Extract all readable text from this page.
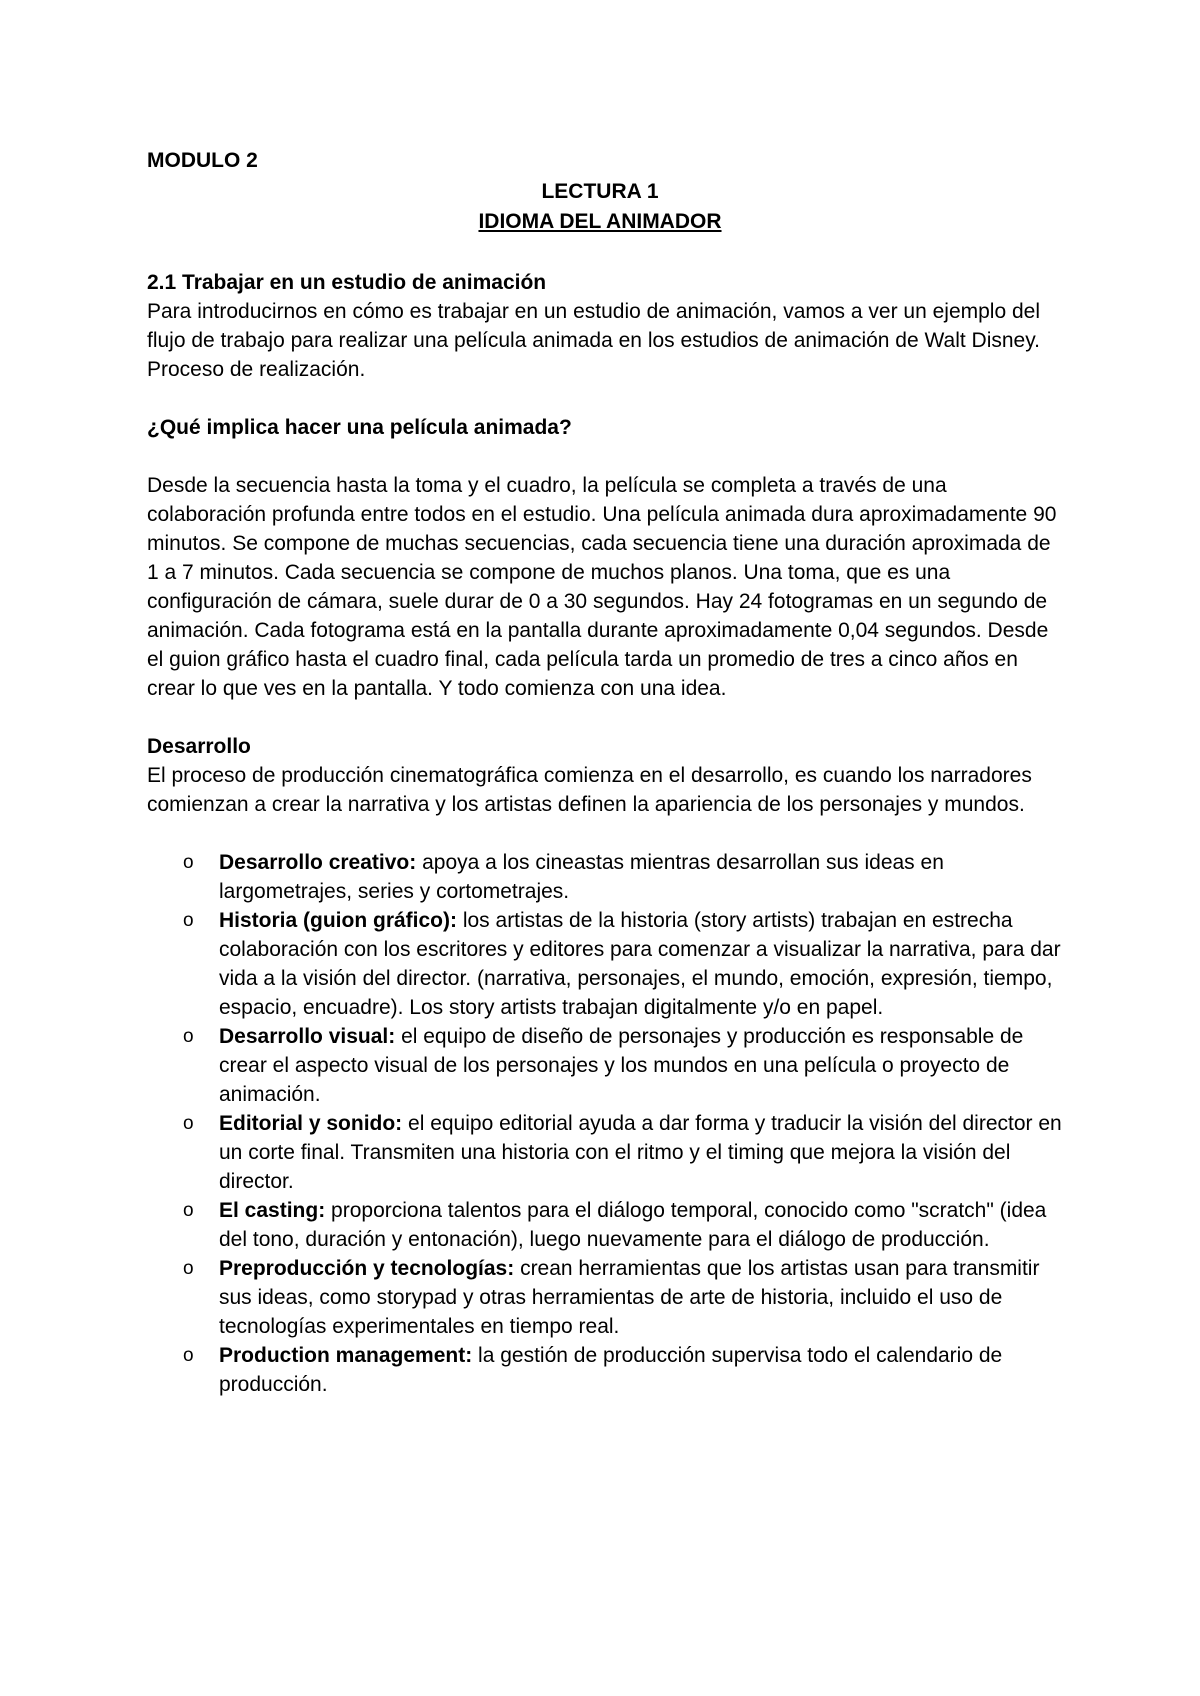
MODULO 2
LECTURA 1
IDIOMA DEL ANIMADOR
2.1 Trabajar en un estudio de animación

Para introducirnos en cómo es trabajar en un estudio de animación, vamos a ver un ejemplo del flujo de trabajo para realizar una película animada en los estudios de animación de Walt Disney. Proceso de realización.

¿Qué implica hacer una película animada?

Desde la secuencia hasta la toma y el cuadro, la película se completa a través de una colaboración profunda entre todos en el estudio. Una película animada dura aproximadamente 90 minutos. Se compone de muchas secuencias, cada secuencia tiene una duración aproximada de 1 a 7 minutos. Cada secuencia se compone de muchos planos. Una toma, que es una configuración de cámara, suele durar de 0 a 30 segundos. Hay 24 fotogramas en un segundo de animación. Cada fotograma está en la pantalla durante aproximadamente 0,04 segundos. Desde el guion gráfico hasta el cuadro final, cada película tarda un promedio de tres a cinco años en crear lo que ves en la pantalla. Y todo comienza con una idea.

Desarrollo

El proceso de producción cinematográfica comienza en el desarrollo, es cuando los narradores comienzan a crear la narrativa y los artistas definen la apariencia de los personajes y mundos.

o Desarrollo creativo: apoya a los cineastas mientras desarrollan sus ideas en largometrajes, series y cortometrajes.
o Historia (guion gráfico): los artistas de la historia (story artists) trabajan en estrecha colaboración con los escritores y editores para comenzar a visualizar la narrativa, para dar vida a la visión del director. (narrativa, personajes, el mundo, emoción, expresión, tiempo, espacio, encuadre). Los story artists trabajan digitalmente y/o en papel.
o Desarrollo visual: el equipo de diseño de personajes y producción es responsable de crear el aspecto visual de los personajes y los mundos en una película o proyecto de animación.
o Editorial y sonido: el equipo editorial ayuda a dar forma y traducir la visión del director en un corte final. Transmiten una historia con el ritmo y el timing que mejora la visión del director.
o El casting: proporciona talentos para el diálogo temporal, conocido como "scratch" (idea del tono, duración y entonación), luego nuevamente para el diálogo de producción.
o Preproducción y tecnologías: crean herramientas que los artistas usan para transmitir sus ideas, como storypad y otras herramientas de arte de historia, incluido el uso de tecnologías experimentales en tiempo real.
o Production management: la gestión de producción supervisa todo el calendario de producción.
